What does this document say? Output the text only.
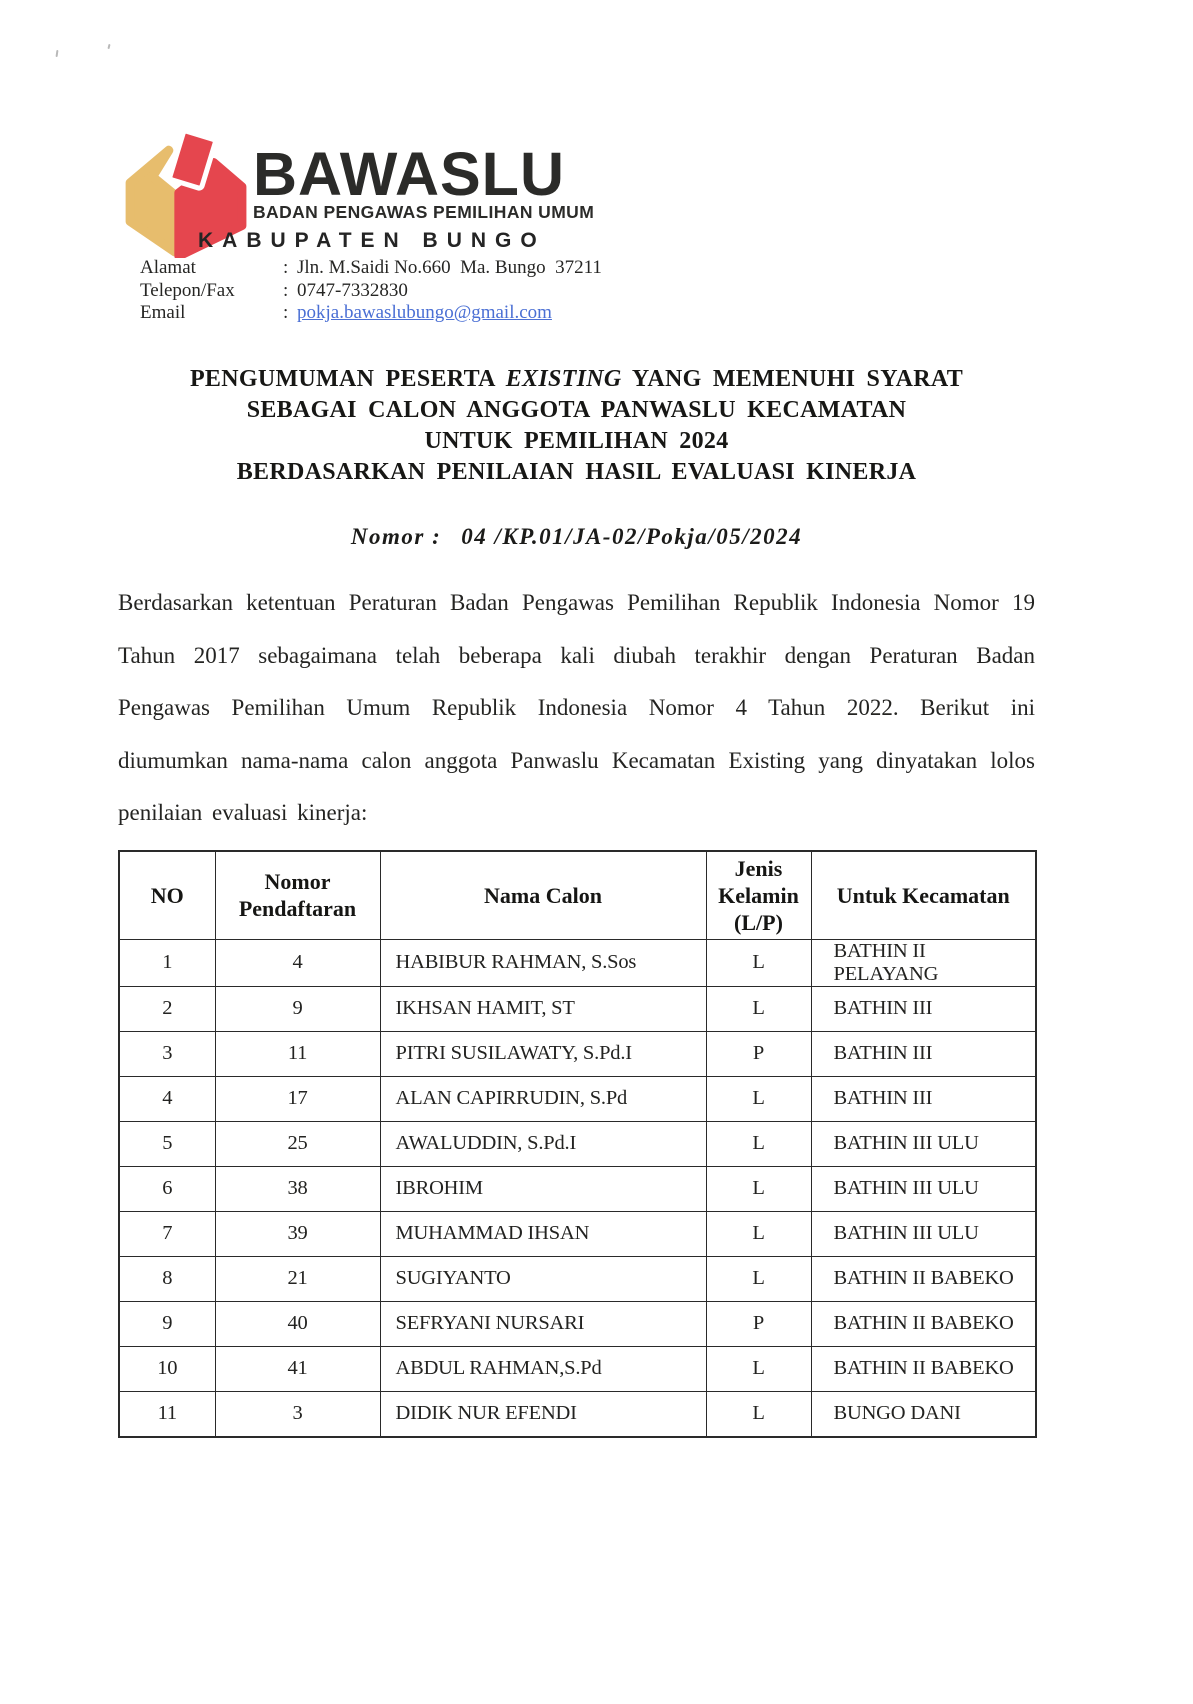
BAWASLU
BADAN PENGAWAS PEMILIHAN UMUM
KABUPATEN BUNGO
Alamat	: Jln. M.Saidi No.660  Ma. Bungo  37211
Telepon/Fax	: 0747-7332830
Email	: pokja.bawaslubungo@gmail.com
PENGUMUMAN PESERTA EXISTING YANG MEMENUHI SYARAT
SEBAGAI CALON ANGGOTA PANWASLU KECAMATAN
UNTUK PEMILIHAN 2024
BERDASARKAN PENILAIAN HASIL EVALUASI KINERJA
Nomor : 04 /KP.01/JA-02/Pokja/05/2024
Berdasarkan ketentuan Peraturan Badan Pengawas Pemilihan Republik Indonesia Nomor 19 Tahun 2017 sebagaimana telah beberapa kali diubah terakhir dengan Peraturan Badan Pengawas Pemilihan Umum Republik Indonesia Nomor 4 Tahun 2022. Berikut ini diumumkan nama-nama calon anggota Panwaslu Kecamatan Existing yang dinyatakan lolos penilaian evaluasi kinerja:
NO	Nomor Pendaftaran	Nama Calon	Jenis Kelamin (L/P)	Untuk Kecamatan
1	4	HABIBUR RAHMAN, S.Sos	L	BATHIN II PELAYANG
2	9	IKHSAN HAMIT, ST	L	BATHIN III
3	11	PITRI SUSILAWATY, S.Pd.I	P	BATHIN III
4	17	ALAN CAPIRRUDIN, S.Pd	L	BATHIN III
5	25	AWALUDDIN, S.Pd.I	L	BATHIN III ULU
6	38	IBROHIM	L	BATHIN III ULU
7	39	MUHAMMAD IHSAN	L	BATHIN III ULU
8	21	SUGIYANTO	L	BATHIN II BABEKO
9	40	SEFRYANI NURSARI	P	BATHIN II BABEKO
10	41	ABDUL RAHMAN,S.Pd	L	BATHIN II BABEKO
11	3	DIDIK NUR EFENDI	L	BUNGO DANI
